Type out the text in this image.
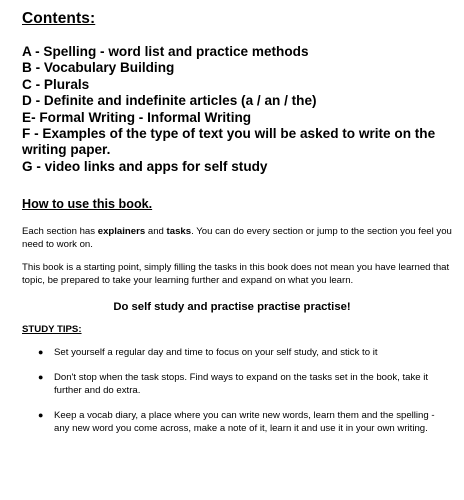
Contents:
A - Spelling - word list and practice methods
B - Vocabulary Building
C - Plurals
D - Definite and indefinite articles (a / an / the)
E- Formal Writing - Informal Writing
F - Examples of the type of text you will be asked to write on the writing paper.
G - video links and apps for self study
How to use this book.

Each section has explainers and tasks. You can do every section or jump to the section you feel you need to work on.

This book is a starting point, simply filling the tasks in this book does not mean you have learned that topic, be prepared to take your learning further and expand on what you learn.

Do self study and practise practise practise!
STUDY TIPS:
●	Set yourself a regular day and time to focus on your self study, and stick to it
●	Don't stop when the task stops. Find ways to expand on the tasks set in the book, take it further and do extra.
●	Keep a vocab diary, a place where you can write new words, learn them and the spelling - any new word you come across, make a note of it, learn it and use it in your own writing.
